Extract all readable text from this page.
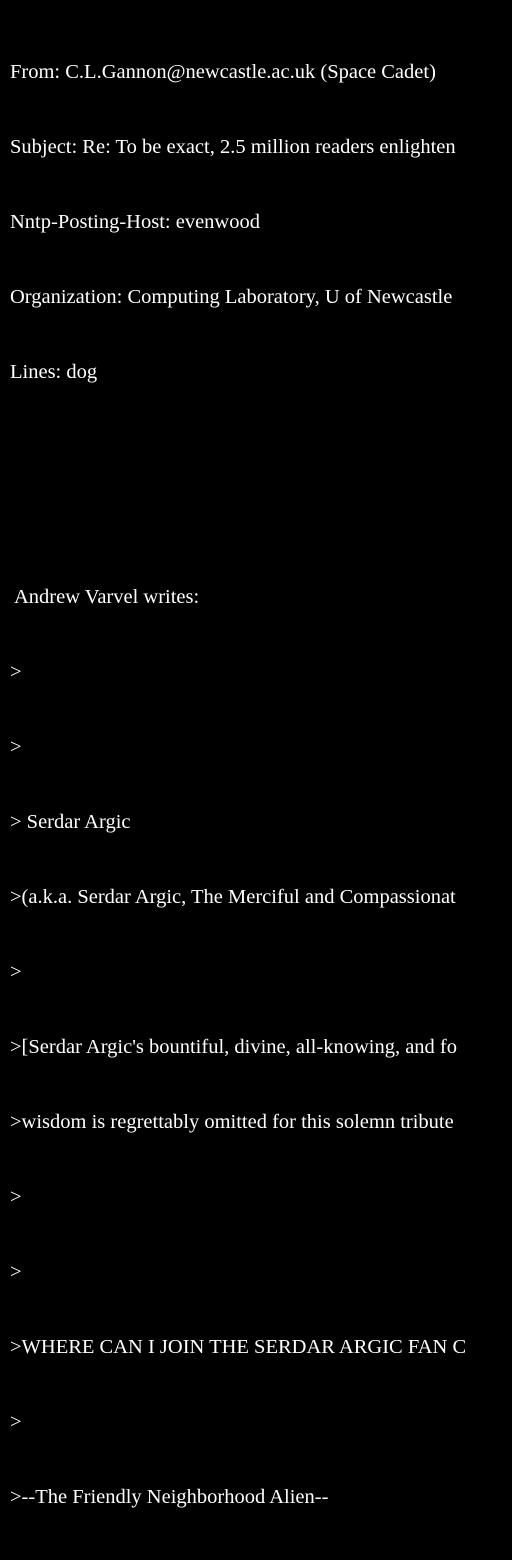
From: C.L.Gannon@newcastle.ac.uk (Space Cadet)

Subject: Re: To be exact, 2.5 million readers enlighten

Nntp-Posting-Host: evenwood

Organization: Computing Laboratory, U of Newcastle

Lines: dog

Andrew Varvel writes:

>

>

> Serdar Argic

>(a.k.a. Serdar Argic, The Merciful and Compassionat

>

>[Serdar Argic's bountiful, divine, all-knowing, and fo

>wisdom is regrettably omitted for this solemn tribute

>

>

>WHERE CAN I JOIN THE SERDAR ARGIC FAN C

>

>--The Friendly Neighborhood Alien--
